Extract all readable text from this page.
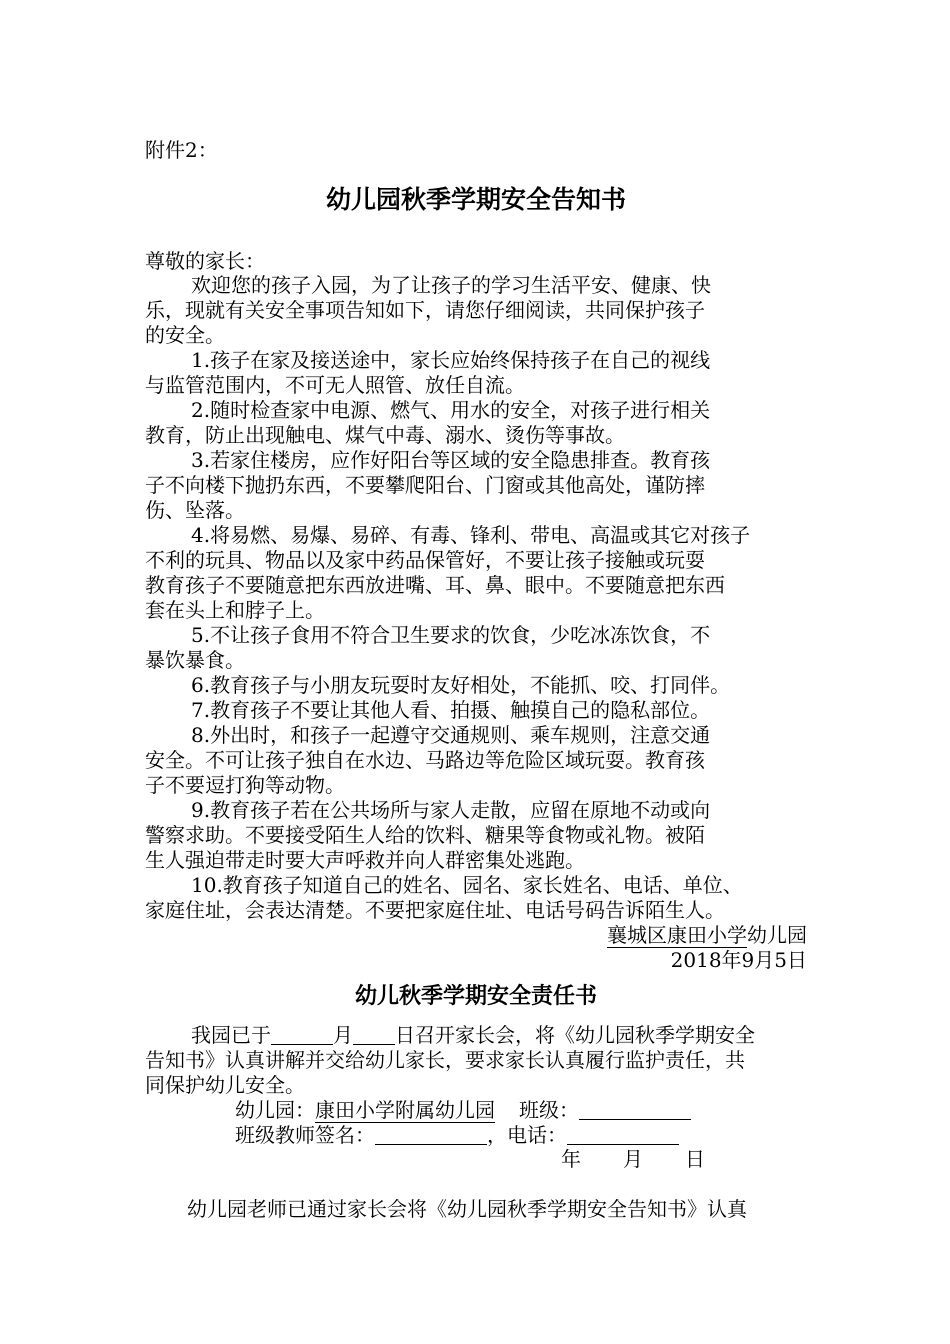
附件2：
幼儿园秋季学期安全告知书
尊敬的家长：
欢迎您的孩子入园，为了让孩子的学习生活平安、健康、快
乐，现就有关安全事项告知如下，请您仔细阅读，共同保护孩子
的安全。
1.孩子在家及接送途中，家长应始终保持孩子在自己的视线
与监管范围内，不可无人照管、放任自流。
2.随时检查家中电源、燃气、用水的安全，对孩子进行相关
教育，防止出现触电、煤气中毒、溺水、烫伤等事故。
3.若家住楼房，应作好阳台等区域的安全隐患排查。教育孩
子不向楼下抛扔东西，不要攀爬阳台、门窗或其他高处，谨防摔
伤、坠落。
4.将易燃、易爆、易碎、有毒、锋利、带电、高温或其它对孩子
不利的玩具、物品以及家中药品保管好，不要让孩子接触或玩耍
教育孩子不要随意把东西放进嘴、耳、鼻、眼中。不要随意把东西
套在头上和脖子上。
5.不让孩子食用不符合卫生要求的饮食，少吃冰冻饮食，不
暴饮暴食。
6.教育孩子与小朋友玩耍时友好相处，不能抓、咬、打同伴。
7.教育孩子不要让其他人看、拍摄、触摸自己的隐私部位。
8.外出时，和孩子一起遵守交通规则、乘车规则，注意交通
安全。不可让孩子独自在水边、马路边等危险区域玩耍。教育孩
子不要逗打狗等动物。
9.教育孩子若在公共场所与家人走散，应留在原地不动或向
警察求助。不要接受陌生人给的饮料、糖果等食物或礼物。被陌
生人强迫带走时要大声呼救并向人群密集处逃跑。
10.教育孩子知道自己的姓名、园名、家长姓名、电话、单位、
家庭住址，会表达清楚。不要把家庭住址、电话号码告诉陌生人。
襄城区康田小学幼儿园
2018年9月5日
幼儿秋季学期安全责任书
我园已于	月 日召开家长会，将《幼儿园秋季学期安全
告知书》认真讲解并交给幼儿家长，要求家长认真履行监护责任，共
同保护幼儿安全。
幼儿园：康田小学附属幼儿园 班级：
班级教师签名：	，电话：
年 月 日
幼儿园老师已通过家长会将《幼儿园秋季学期安全告知书》认真
